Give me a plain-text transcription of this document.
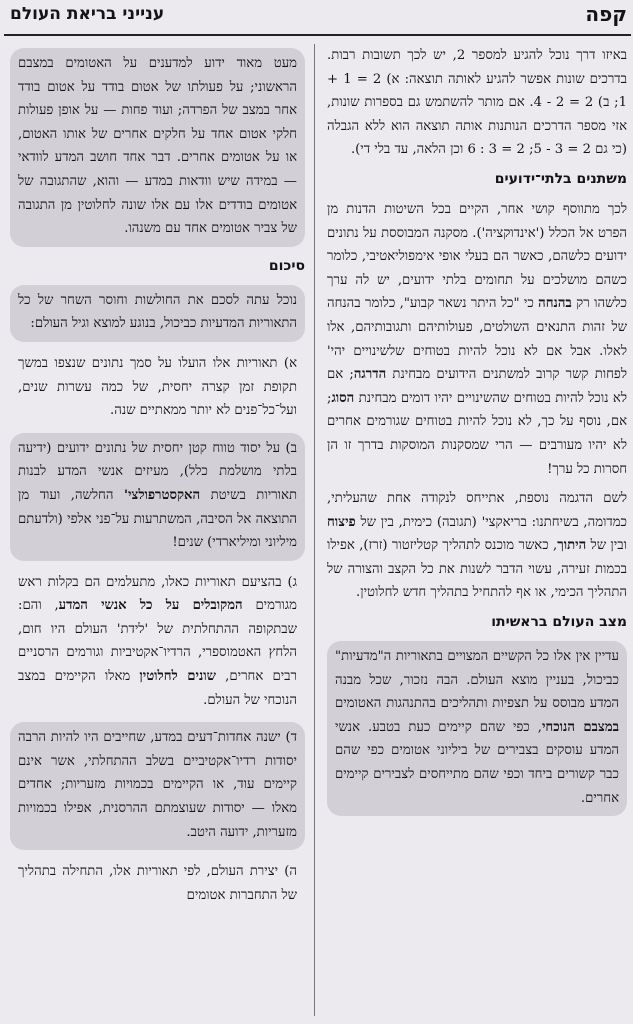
קפה
ענייני בריאת העולם

באיזו דרך נוכל להגיע למספר 2, יש לכך תשובות רבות. בדרכים שונות אפשר להגיע לאותה תוצאה: א) 2 = 1 + 1; ב) 2 = 2 - 4. אם מותר להשתמש גם בספרות שונות, אזי מספר הדרכים הנותנות אותה תוצאה הוא ללא הגבלה (כי גם 2 = 3 - 5; 2 = 3 : 6 וכן הלאה, עד בלי די).

משתנים בלתי־ידועים

לכך מתווסף קושי אחר, הקיים בכל השיטות הדנות מן הפרט אל הכלל ('אינדוקציה'). מסקנה המבוססת על נתונים ידועים כלשהם, כאשר הם בעלי אופי אימפוליאטיבי, כלומר כשהם מושלכים על תחומים בלתי ידועים, יש לה ערך כלשהו רק בהנחה כי "כל היתר נשאר קבוע", כלומר בהנחה של זהות התנאים השולטים, פעולותיהם ותגובותיהם, אלו לאלו. אבל אם לא נוכל להיות בטוחים שלשינויים יהי' לפחות קשר קרוב למשתנים הידועים מבחינת הדרגה; אם לא נוכל להיות בטוחים שהשינויים יהיו דומים מבחינת הסוג; אם, נוסף על כך, לא נוכל להיות בטוחים שגורמים אחרים לא יהיו מעורבים — הרי שמסקנות המוסקות בדרך זו הן חסרות כל ערך!

לשם הדגמה נוספת, אתייחס לנקודה אחת שהעליתי, כמדומה, בשיחתנו: בריאקצי' (תגובה) כימית, בין של פיצוח ובין של היתוך, כאשר מוכנס לתהליך קטליזטור (זרז), אפילו בכמות זעירה, עשוי הדבר לשנות את כל הקצב והצורה של התהליך הכימי, או אף להתחיל בתהליך חדש לחלוטין.

מצב העולם בראשיתו
עדיין אין אלו כל הקשיים המצויים בתאוריות ה"מדעיות" כביכול, בעניין מוצא העולם. הבה נזכור, שכל מבנה המדע מבוסס על תצפיות ותהליכים בהתנהגות האטומים במצבם הנוכחי, כפי שהם קיימים כעת בטבע. אנשי המדע עוסקים בצבירים של ביליוני אטומים כפי שהם כבר קשורים ביחד וכפי שהם מתייחסים לצבירים קיימים אחרים.
מעט מאוד ידוע למדענים על האטומים במצבם הראשוני; על פעולתו של אטום בודד על אטום בודד אחר במצב של הפרדה; ועוד פחות — על אופן פעולות חלקי אטום אחד על חלקים אחרים של אותו האטום, או על אטומים אחרים. דבר אחד חושב המדע לוודאי — במידה שיש וודאות במדע — והוא, שהתגובה של אטומים בודדים אלו עם אלו שונה לחלוטין מן התגובה של צביר אטומים אחד עם משנהו.
סיכום
נוכל עתה לסכם את החולשות וחוסר השחר של כל התאוריות המדעיות כביכול, בנוגע למוצא וגיל העולם:
א) תאוריות אלו הועלו על סמך נתונים שנצפו במשך תקופת זמן קצרה יחסית, של כמה עשרות שנים, ועל־כל־פנים לא יותר ממאתיים שנה.
ב) על יסוד טווח קטן יחסית של נתונים ידועים (ידיעה בלתי מושלמת כלל), מעיזים אנשי המדע לבנות תאוריות בשיטת האקסטרפולצי' החלשה, ועוד מן התוצאה אל הסיבה, המשתרעות על־פני אלפי (ולדעתם מיליוני ומיליארדי) שנים!
ג) בהציעם תאוריות כאלו, מתעלמים הם בקלות ראש מגורמים המקובלים על כל אנשי המדע, והם: שבתקופה ההתחלתית של 'לידת' העולם היו חום, הלחץ האטמוספרי, הרדיו־אקטיביות וגורמים הרסניים רבים אחרים, שונים לחלוטין מאלו הקיימים במצב הנוכחי של העולם.
ד) ישנה אחדות־דעים במדע, שחייבים היו להיות הרבה יסודות רדיו־אקטיביים בשלב ההתחלתי, אשר אינם קיימים עוד, או הקיימים בכמויות מזעריות; אחדים מאלו — יסודות שעוצמתם ההרסנית, אפילו בכמויות מזעריות, ידועה היטב.
ה) יצירת העולם, לפי תאוריות אלו, התחילה בתהליך של התחברות אטומים
